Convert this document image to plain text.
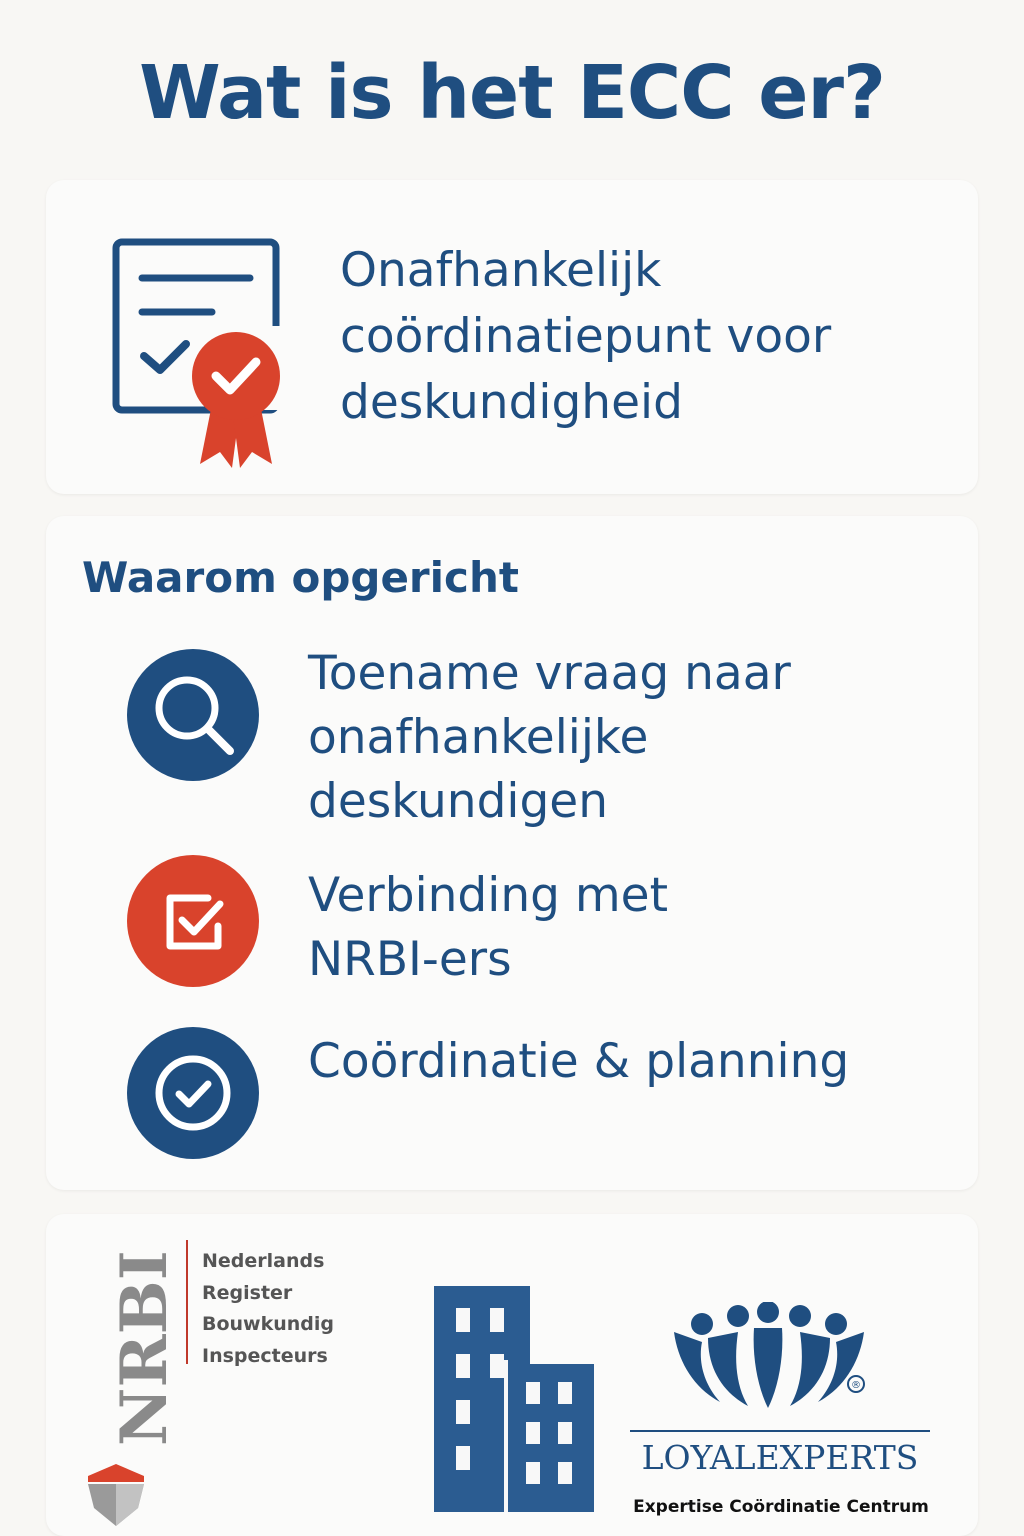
Wat is het ECC er?
Onafhankelijk
coördinatiepunt voor
deskundigheid
Waarom opgericht
Toename vraag naar
onafhankelijke
deskundigen
Verbinding met
NRBI-ers
Coördinatie & planning
NRBI Nederlands
Register
Bouwkundig
Inspecteurs
®
LOYALEXPERTS
Expertise Coördinatie Centrum
